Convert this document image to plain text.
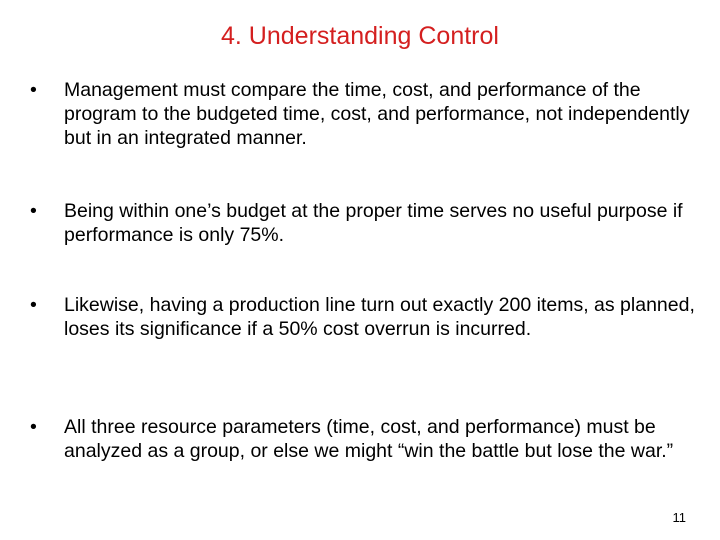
4. Understanding Control
•	Management must compare the time, cost, and performance of the program to the budgeted time, cost, and performance, not independently but in an integrated manner.
•	Being within one’s budget at the proper time serves no useful purpose if performance is only 75%.
•	Likewise, having a production line turn out exactly 200 items, as planned, loses its significance if a 50% cost overrun is incurred.
•	All three resource parameters (time, cost, and performance) must be analyzed as a group, or else we might “win the battle but lose the war.”
11
